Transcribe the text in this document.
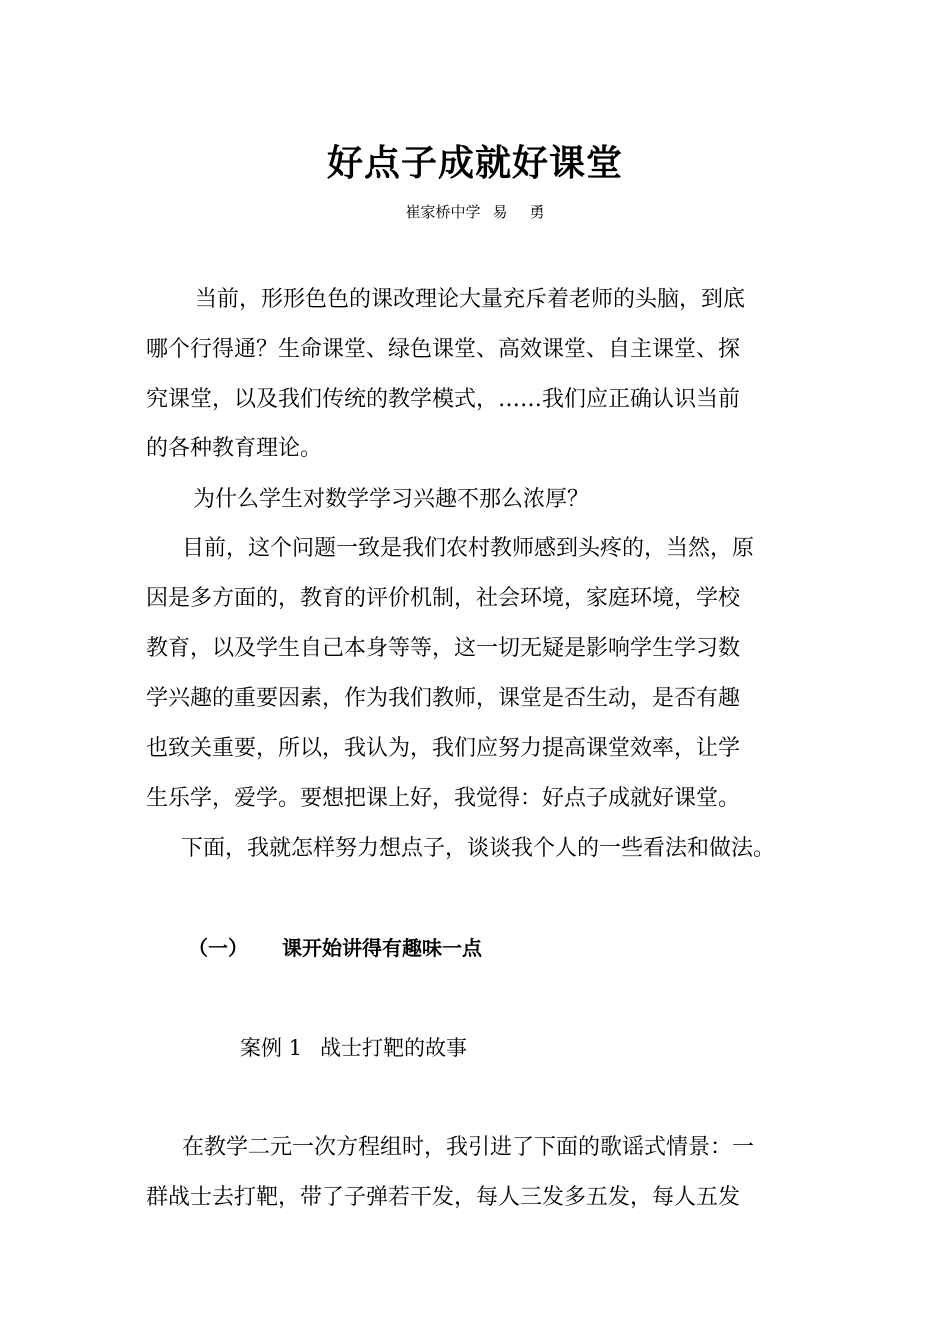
好点子成就好课堂
崔家桥中学 易 勇
当前，形形色色的课改理论大量充斥着老师的头脑，到底
哪个行得通？生命课堂、绿色课堂、高效课堂、自主课堂、探
究课堂，以及我们传统的教学模式，……我们应正确认识当前
的各种教育理论。
为什么学生对数学学习兴趣不那么浓厚？
目前，这个问题一致是我们农村教师感到头疼的，当然，原
因是多方面的，教育的评价机制，社会环境，家庭环境，学校
教育，以及学生自己本身等等，这一切无疑是影响学生学习数
学兴趣的重要因素，作为我们教师，课堂是否生动，是否有趣
也致关重要，所以，我认为，我们应努力提高课堂效率，让学
生乐学，爱学。要想把课上好，我觉得：好点子成就好课堂。
下面，我就怎样努力想点子，谈谈我个人的一些看法和做法。
（一） 课开始讲得有趣味一点
案例 1 战士打靶的故事
在教学二元一次方程组时，我引进了下面的歌谣式情景：一
群战士去打靶，带了子弹若干发，每人三发多五发，每人五发
